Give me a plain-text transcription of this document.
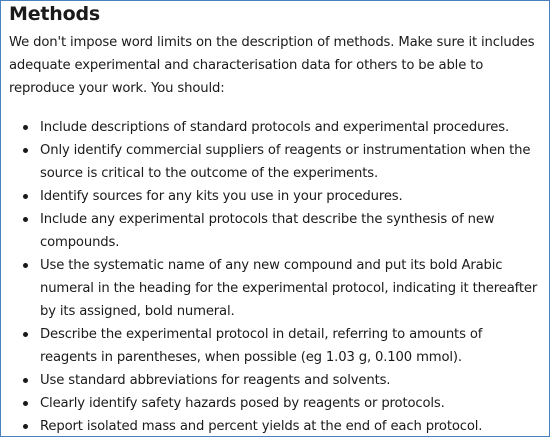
Methods

We don't impose word limits on the description of methods. Make sure it includes adequate experimental and characterisation data for others to be able to reproduce your work. You should:

Include descriptions of standard protocols and experimental procedures.
Only identify commercial suppliers of reagents or instrumentation when the source is critical to the outcome of the experiments.
Identify sources for any kits you use in your procedures.
Include any experimental protocols that describe the synthesis of new compounds.
Use the systematic name of any new compound and put its bold Arabic numeral in the heading for the experimental protocol, indicating it thereafter by its assigned, bold numeral.
Describe the experimental protocol in detail, referring to amounts of reagents in parentheses, when possible (eg 1.03 g, 0.100 mmol).
Use standard abbreviations for reagents and solvents.
Clearly identify safety hazards posed by reagents or protocols.
Report isolated mass and percent yields at the end of each protocol.
